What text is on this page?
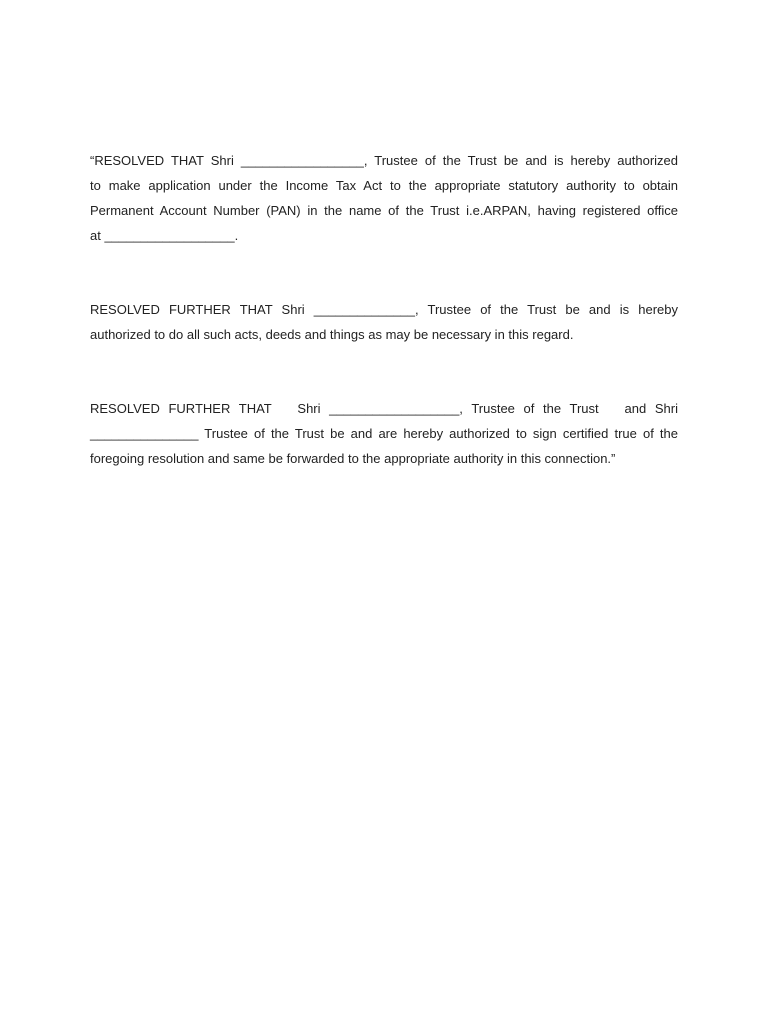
“RESOLVED THAT Shri _________________, Trustee of the Trust be and is hereby authorized
to make application under the Income Tax Act to the appropriate statutory authority to obtain
Permanent Account Number (PAN) in the name of the Trust i.e.ARPAN, having registered office
at __________________.
RESOLVED FURTHER THAT Shri ______________, Trustee of the Trust be and is hereby
authorized to do all such acts, deeds and things as may be necessary in this regard.
RESOLVED FURTHER THAT   Shri __________________, Trustee of the Trust   and Shri
_______________ Trustee of the Trust be and are hereby authorized to sign certified true of the
foregoing resolution and same be forwarded to the appropriate authority in this connection.”
